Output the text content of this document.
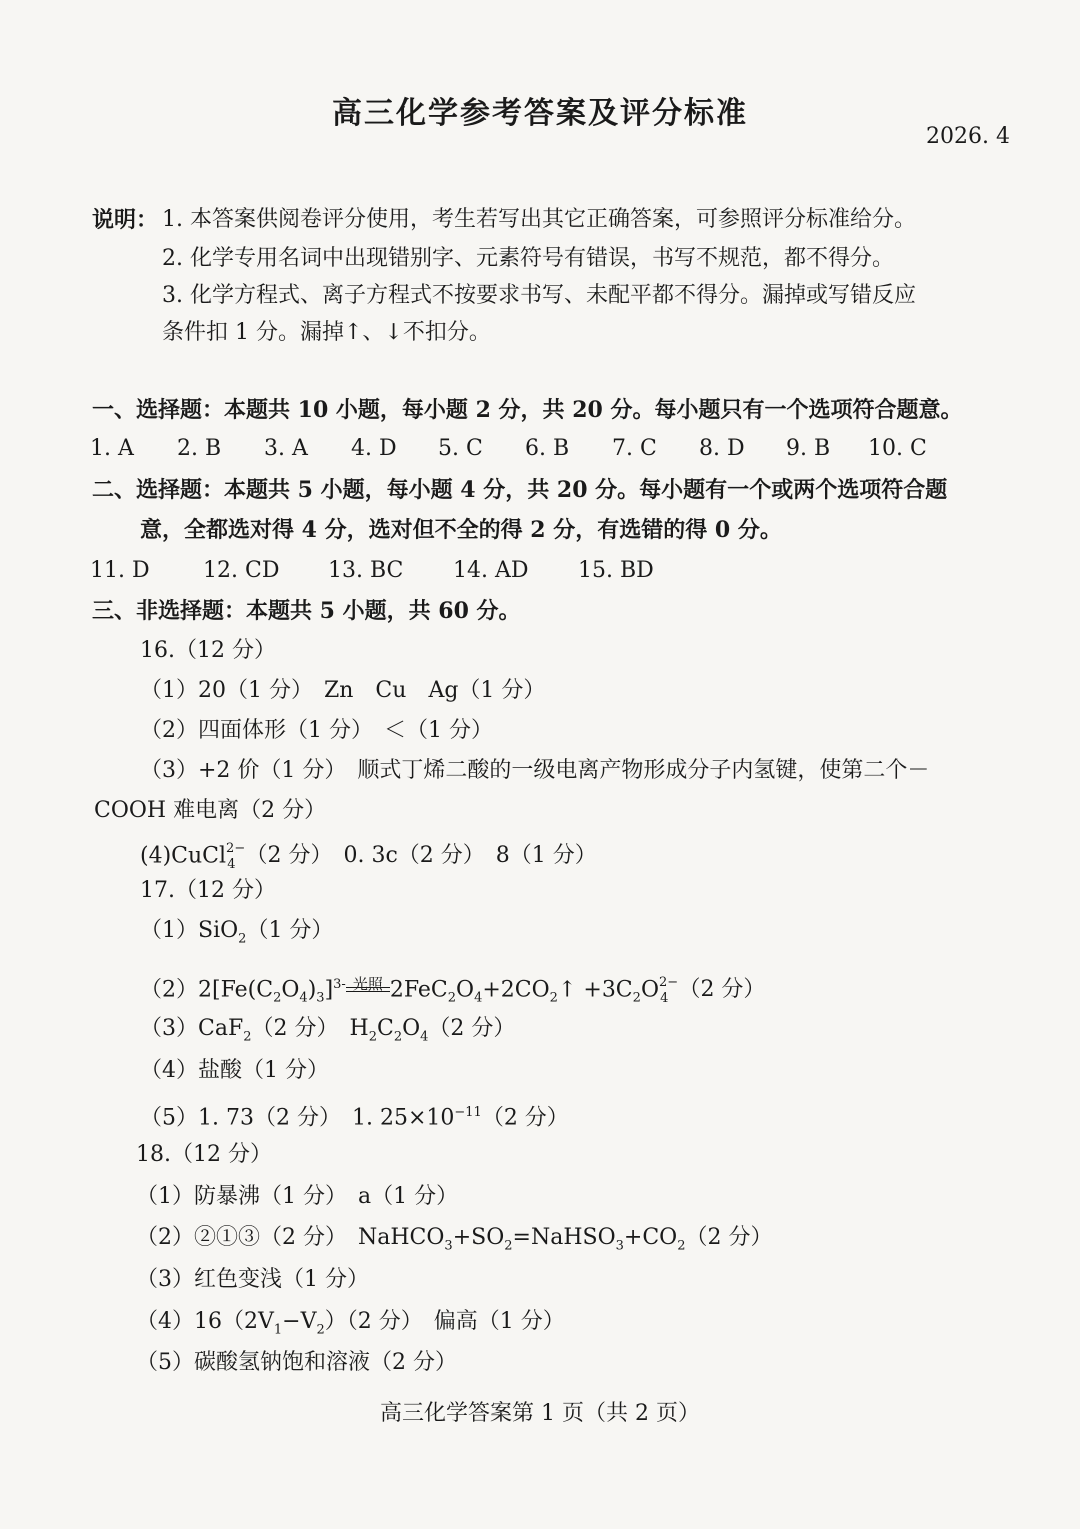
高三化学参考答案及评分标准
2026. 4
说明： 1. 本答案供阅卷评分使用，考生若写出其它正确答案，可参照评分标准给分。
2. 化学专用名词中出现错别字、元素符号有错误，书写不规范，都不得分。
3. 化学方程式、离子方程式不按要求书写、未配平都不得分。漏掉或写错反应
条件扣 1 分。漏掉↑、↓不扣分。
一、选择题：本题共 10 小题，每小题 2 分，共 20 分。每小题只有一个选项符合题意。
1. A 2. B 3. A 4. D 5. C 6. B 7. C 8. D 9. B 10. C
二、选择题：本题共 5 小题，每小题 4 分，共 20 分。每小题有一个或两个选项符合题
意，全都选对得 4 分，选对但不全的得 2 分，有选错的得 0 分。
11. D 12. CD 13. BC 14. AD 15. BD
三、非选择题：本题共 5 小题，共 60 分。
16.（12 分）
（1）20（1 分）　Zn　Cu　Ag（1 分）
（2）四面体形（1 分）　＜（1 分）
（3）+2 价（1 分）　顺式丁烯二酸的一级电离产物形成分子内氢键，使第二个－
COOH 难电离（2 分）
(4)CuCl$^{2-}_4$ （2 分）　0. 3c（2 分）　8（1 分）
17.（12 分）
（1）SiO$_2$（1 分）
$(2)2[Fe(C_2O_4)_3]^{3-}$ 光照 $2FeC_2O_4+2CO_2↑ +3C_2O^{2-}_4$ （2 分）
（3）CaF$_2$（2 分）　$H_2C_2O_4(2$ 分）
（4）盐酸（1 分）
（5）1. 73（2 分）　1. $25\times 10^{-11}(2$ 分）
18.（12 分）
（1）防暴沸（1 分）　a（1 分）
（2）②①③（2 分）　$NaHCO_3+SO_2=NaHSO_3+CO_2(2$ 分）
（3）红色变浅（1 分）
$(4)16(2V_1-V_2)(2$ 分）　偏高（1 分）
（5）碳酸氢钠饱和溶液（2 分）
高三化学答案第 1 页（共 2 页）
